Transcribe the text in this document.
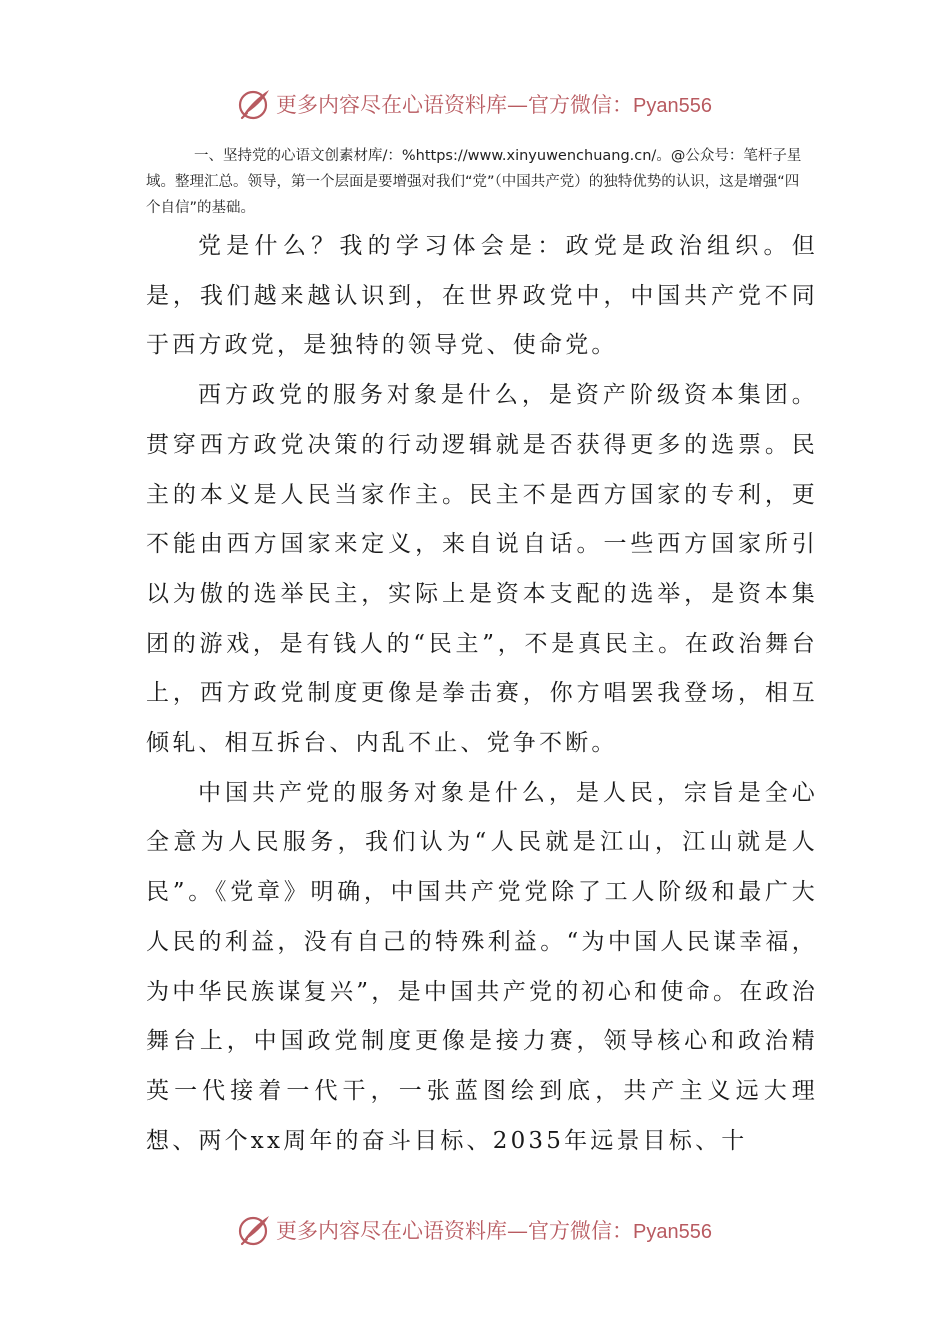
更多内容尽在心语资料库—官方微信：Pyan556

一、坚持党的心语文创素材库/：%https://www.xinyuwenchuang.cn/。@公众号：笔杆子星域。整理汇总。领导，第一个层面是要增强对我们“党”（中国共产党）的独特优势的认识，这是增强“四个自信”的基础。

党是什么？我的学习体会是：政党是政治组织。但是，我们越来越认识到，在世界政党中，中国共产党不同于西方政党，是独特的领导党、使命党。

西方政党的服务对象是什么，是资产阶级资本集团。贯穿西方政党决策的行动逻辑就是否获得更多的选票。民主的本义是人民当家作主。民主不是西方国家的专利，更不能由西方国家来定义，来自说自话。一些西方国家所引以为傲的选举民主，实际上是资本支配的选举，是资本集团的游戏，是有钱人的“民主”，不是真民主。在政治舞台上，西方政党制度更像是拳击赛，你方唱罢我登场，相互倾轧、相互拆台、内乱不止、党争不断。

中国共产党的服务对象是什么，是人民，宗旨是全心全意为人民服务，我们认为“人民就是江山，江山就是人民”。《党章》明确，中国共产党党除了工人阶级和最广大人民的利益，没有自己的特殊利益。“为中国人民谋幸福，为中华民族谋复兴”，是中国共产党的初心和使命。在政治舞台上，中国政党制度更像是接力赛，领导核心和政治精英一代接着一代干，一张蓝图绘到底，共产主义远大理想、两个xx周年的奋斗目标、2035年远景目标、十

更多内容尽在心语资料库—官方微信：Pyan556
